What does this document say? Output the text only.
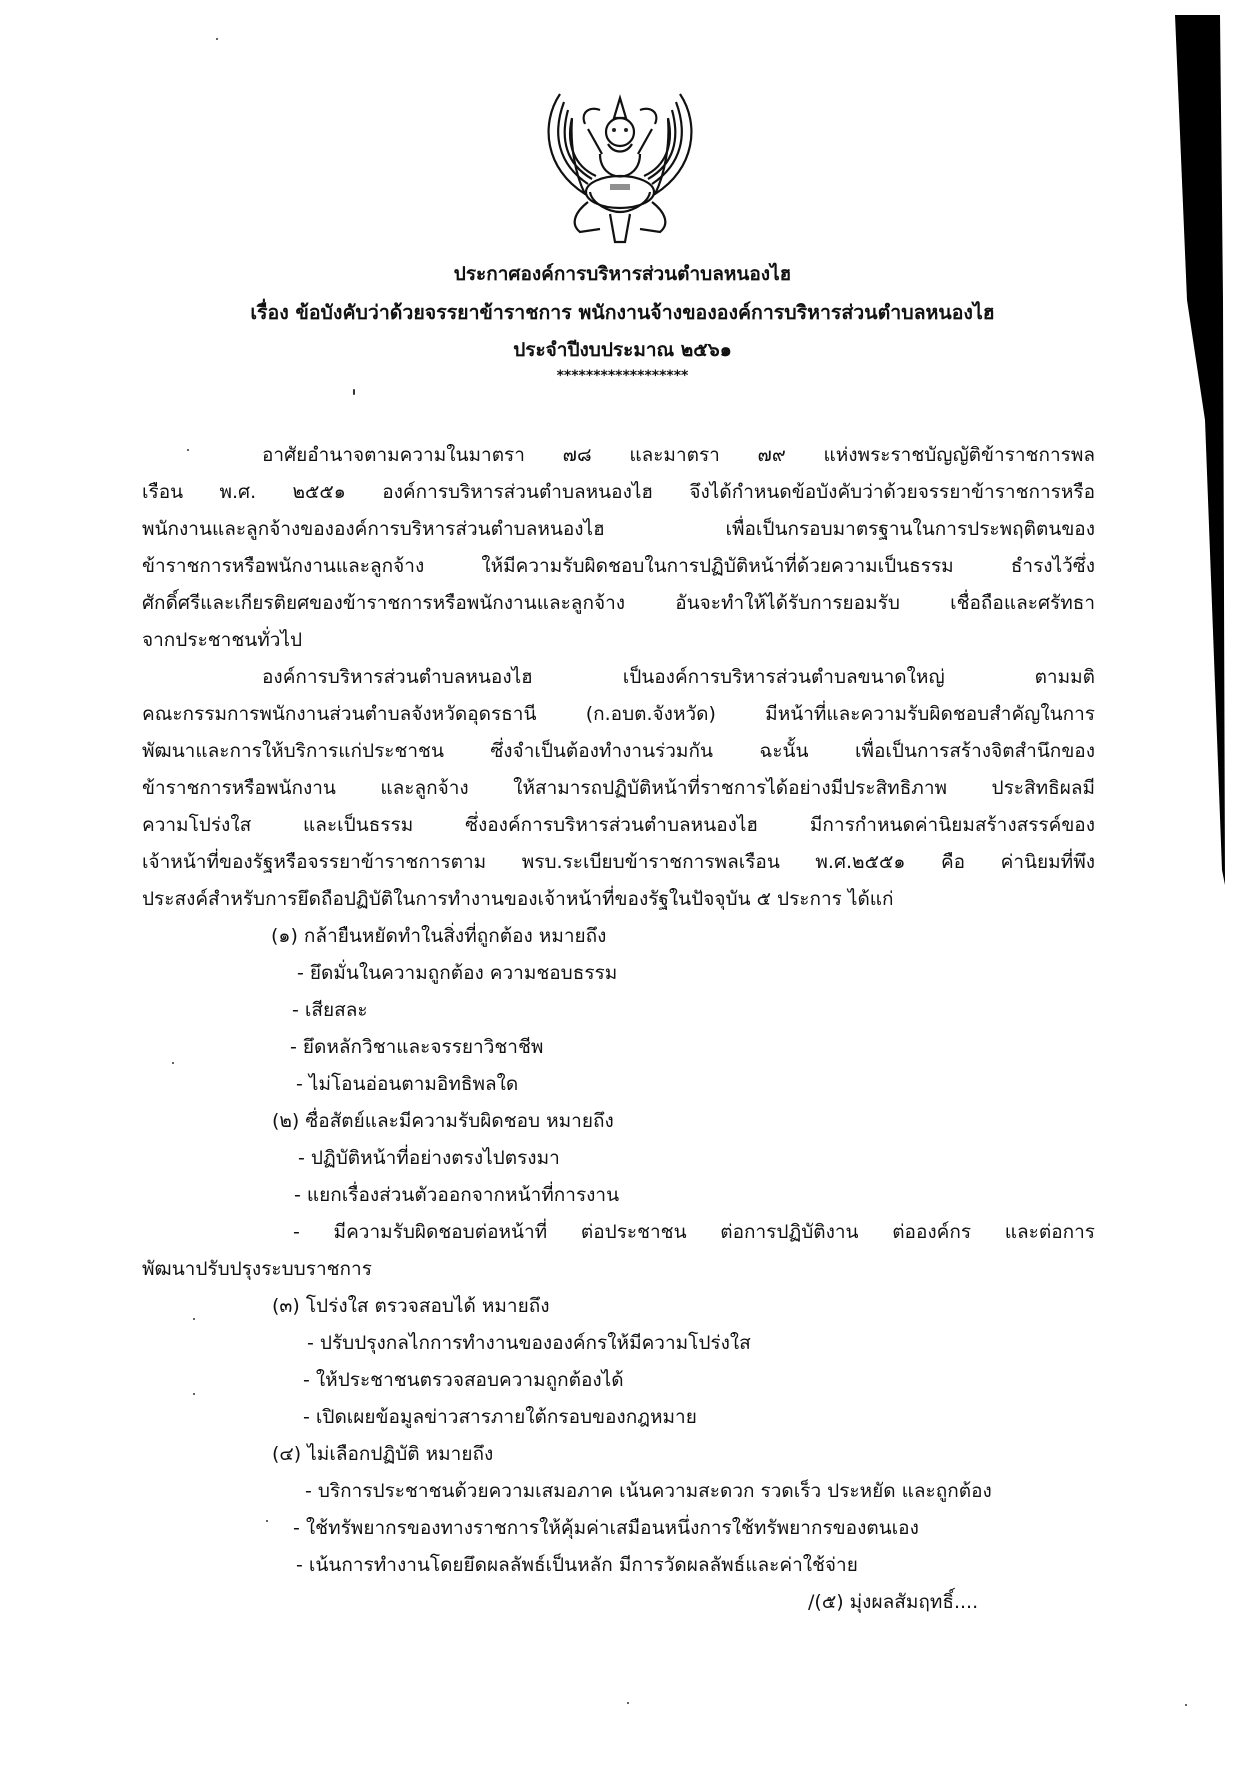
ประกาศองค์การบริหารส่วนตำบลหนองไฮ
เรื่อง ข้อบังคับว่าด้วยจรรยาข้าราชการ พนักงานจ้างขององค์การบริหารส่วนตำบลหนองไฮ
ประจำปีงบประมาณ ๒๕๖๑
******************
อาศัยอำนาจตามความในมาตรา ๗๘ และมาตรา ๗๙ แห่งพระราชบัญญัติข้าราชการพล
เรือน พ.ศ. ๒๕๕๑ องค์การบริหารส่วนตำบลหนองไฮ จึงได้กำหนดข้อบังคับว่าด้วยจรรยาข้าราชการหรือ
พนักงานและลูกจ้างขององค์การบริหารส่วนตำบลหนองไฮ เพื่อเป็นกรอบมาตรฐานในการประพฤติตนของ
ข้าราชการหรือพนักงานและลูกจ้าง ให้มีความรับผิดชอบในการปฏิบัติหน้าที่ด้วยความเป็นธรรม ธำรงไว้ซึ่ง
ศักดิ์ศรีและเกียรติยศของข้าราชการหรือพนักงานและลูกจ้าง อันจะทำให้ได้รับการยอมรับ เชื่อถือและศรัทธา
จากประชาชนทั่วไป
องค์การบริหารส่วนตำบลหนองไฮ เป็นองค์การบริหารส่วนตำบลขนาดใหญ่ ตามมติ
คณะกรรมการพนักงานส่วนตำบลจังหวัดอุดรธานี (ก.อบต.จังหวัด) มีหน้าที่และความรับผิดชอบสำคัญในการ
พัฒนาและการให้บริการแก่ประชาชน ซึ่งจำเป็นต้องทำงานร่วมกัน ฉะนั้น เพื่อเป็นการสร้างจิตสำนึกของ
ข้าราชการหรือพนักงาน และลูกจ้าง ให้สามารถปฏิบัติหน้าที่ราชการได้อย่างมีประสิทธิภาพ ประสิทธิผลมี
ความโปร่งใส และเป็นธรรม ซึ่งองค์การบริหารส่วนตำบลหนองไฮ มีการกำหนดค่านิยมสร้างสรรค์ของ
เจ้าหน้าที่ของรัฐหรือจรรยาข้าราชการตาม พรบ.ระเบียบข้าราชการพลเรือน พ.ศ.๒๕๕๑ คือ ค่านิยมที่พึง
ประสงค์สำหรับการยึดถือปฏิบัติในการทำงานของเจ้าหน้าที่ของรัฐในปัจจุบัน ๕ ประการ ได้แก่
(๑) กล้ายืนหยัดทำในสิ่งที่ถูกต้อง หมายถึง
- ยึดมั่นในความถูกต้อง ความชอบธรรม
- เสียสละ
- ยึดหลักวิชาและจรรยาวิชาชีพ
- ไม่โอนอ่อนตามอิทธิพลใด
(๒) ซื่อสัตย์และมีความรับผิดชอบ หมายถึง
- ปฏิบัติหน้าที่อย่างตรงไปตรงมา
- แยกเรื่องส่วนตัวออกจากหน้าที่การงาน
- มีความรับผิดชอบต่อหน้าที่ ต่อประชาชน ต่อการปฏิบัติงาน ต่อองค์กร และต่อการ
พัฒนาปรับปรุงระบบราชการ
(๓) โปร่งใส ตรวจสอบได้ หมายถึง
- ปรับปรุงกลไกการทำงานขององค์กรให้มีความโปร่งใส
- ให้ประชาชนตรวจสอบความถูกต้องได้
- เปิดเผยข้อมูลข่าวสารภายใต้กรอบของกฎหมาย
(๔) ไม่เลือกปฏิบัติ หมายถึง
- บริการประชาชนด้วยความเสมอภาค เน้นความสะดวก รวดเร็ว ประหยัด และถูกต้อง
- ใช้ทรัพยากรของทางราชการให้คุ้มค่าเสมือนหนึ่งการใช้ทรัพยากรของตนเอง
- เน้นการทำงานโดยยึดผลลัพธ์เป็นหลัก มีการวัดผลลัพธ์และค่าใช้จ่าย
/(๕) มุ่งผลสัมฤทธิ์....
